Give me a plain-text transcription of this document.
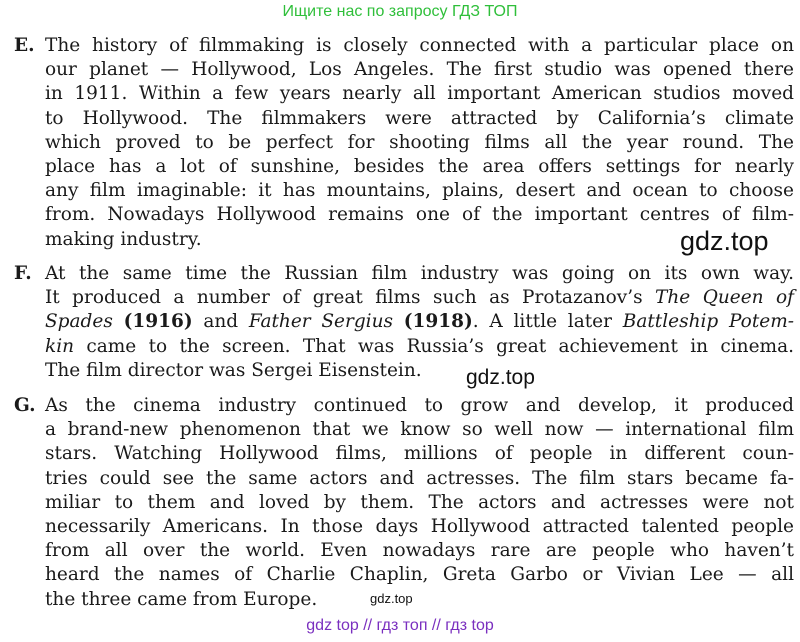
Ищите нас по запросу ГДЗ ТОП
E. The history of filmmaking is closely connected with a particular place on
our planet — Hollywood, Los Angeles. The first studio was opened there
in 1911. Within a few years nearly all important American studios moved
to Hollywood. The filmmakers were attracted by California’s climate
which proved to be perfect for shooting films all the year round. The
place has a lot of sunshine, besides the area offers settings for nearly
any film imaginable: it has mountains, plains, desert and ocean to choose
from. Nowadays Hollywood remains one of the important centres of film-
making industry.	gdz.top
F. At the same time the Russian film industry was going on its own way.
It produced a number of great films such as Protazanov’s The Queen of
Spades (1916) and Father Sergius (1918). A little later Battleship Potem-
kin came to the screen. That was Russia’s great achievement in cinema.
The film director was Sergei Eisenstein.	gdz.top
G. As the cinema industry continued to grow and develop, it produced
a brand-new phenomenon that we know so well now — international film
stars. Watching Hollywood films, millions of people in different coun-
tries could see the same actors and actresses. The film stars became fa-
miliar to them and loved by them. The actors and actresses were not
necessarily Americans. In those days Hollywood attracted talented people
from all over the world. Even nowadays rare are people who haven’t
heard the names of Charlie Chaplin, Greta Garbo or Vivian Lee — all
the three came from Europe.	gdz.top
gdz top // гдз топ // гдз top
